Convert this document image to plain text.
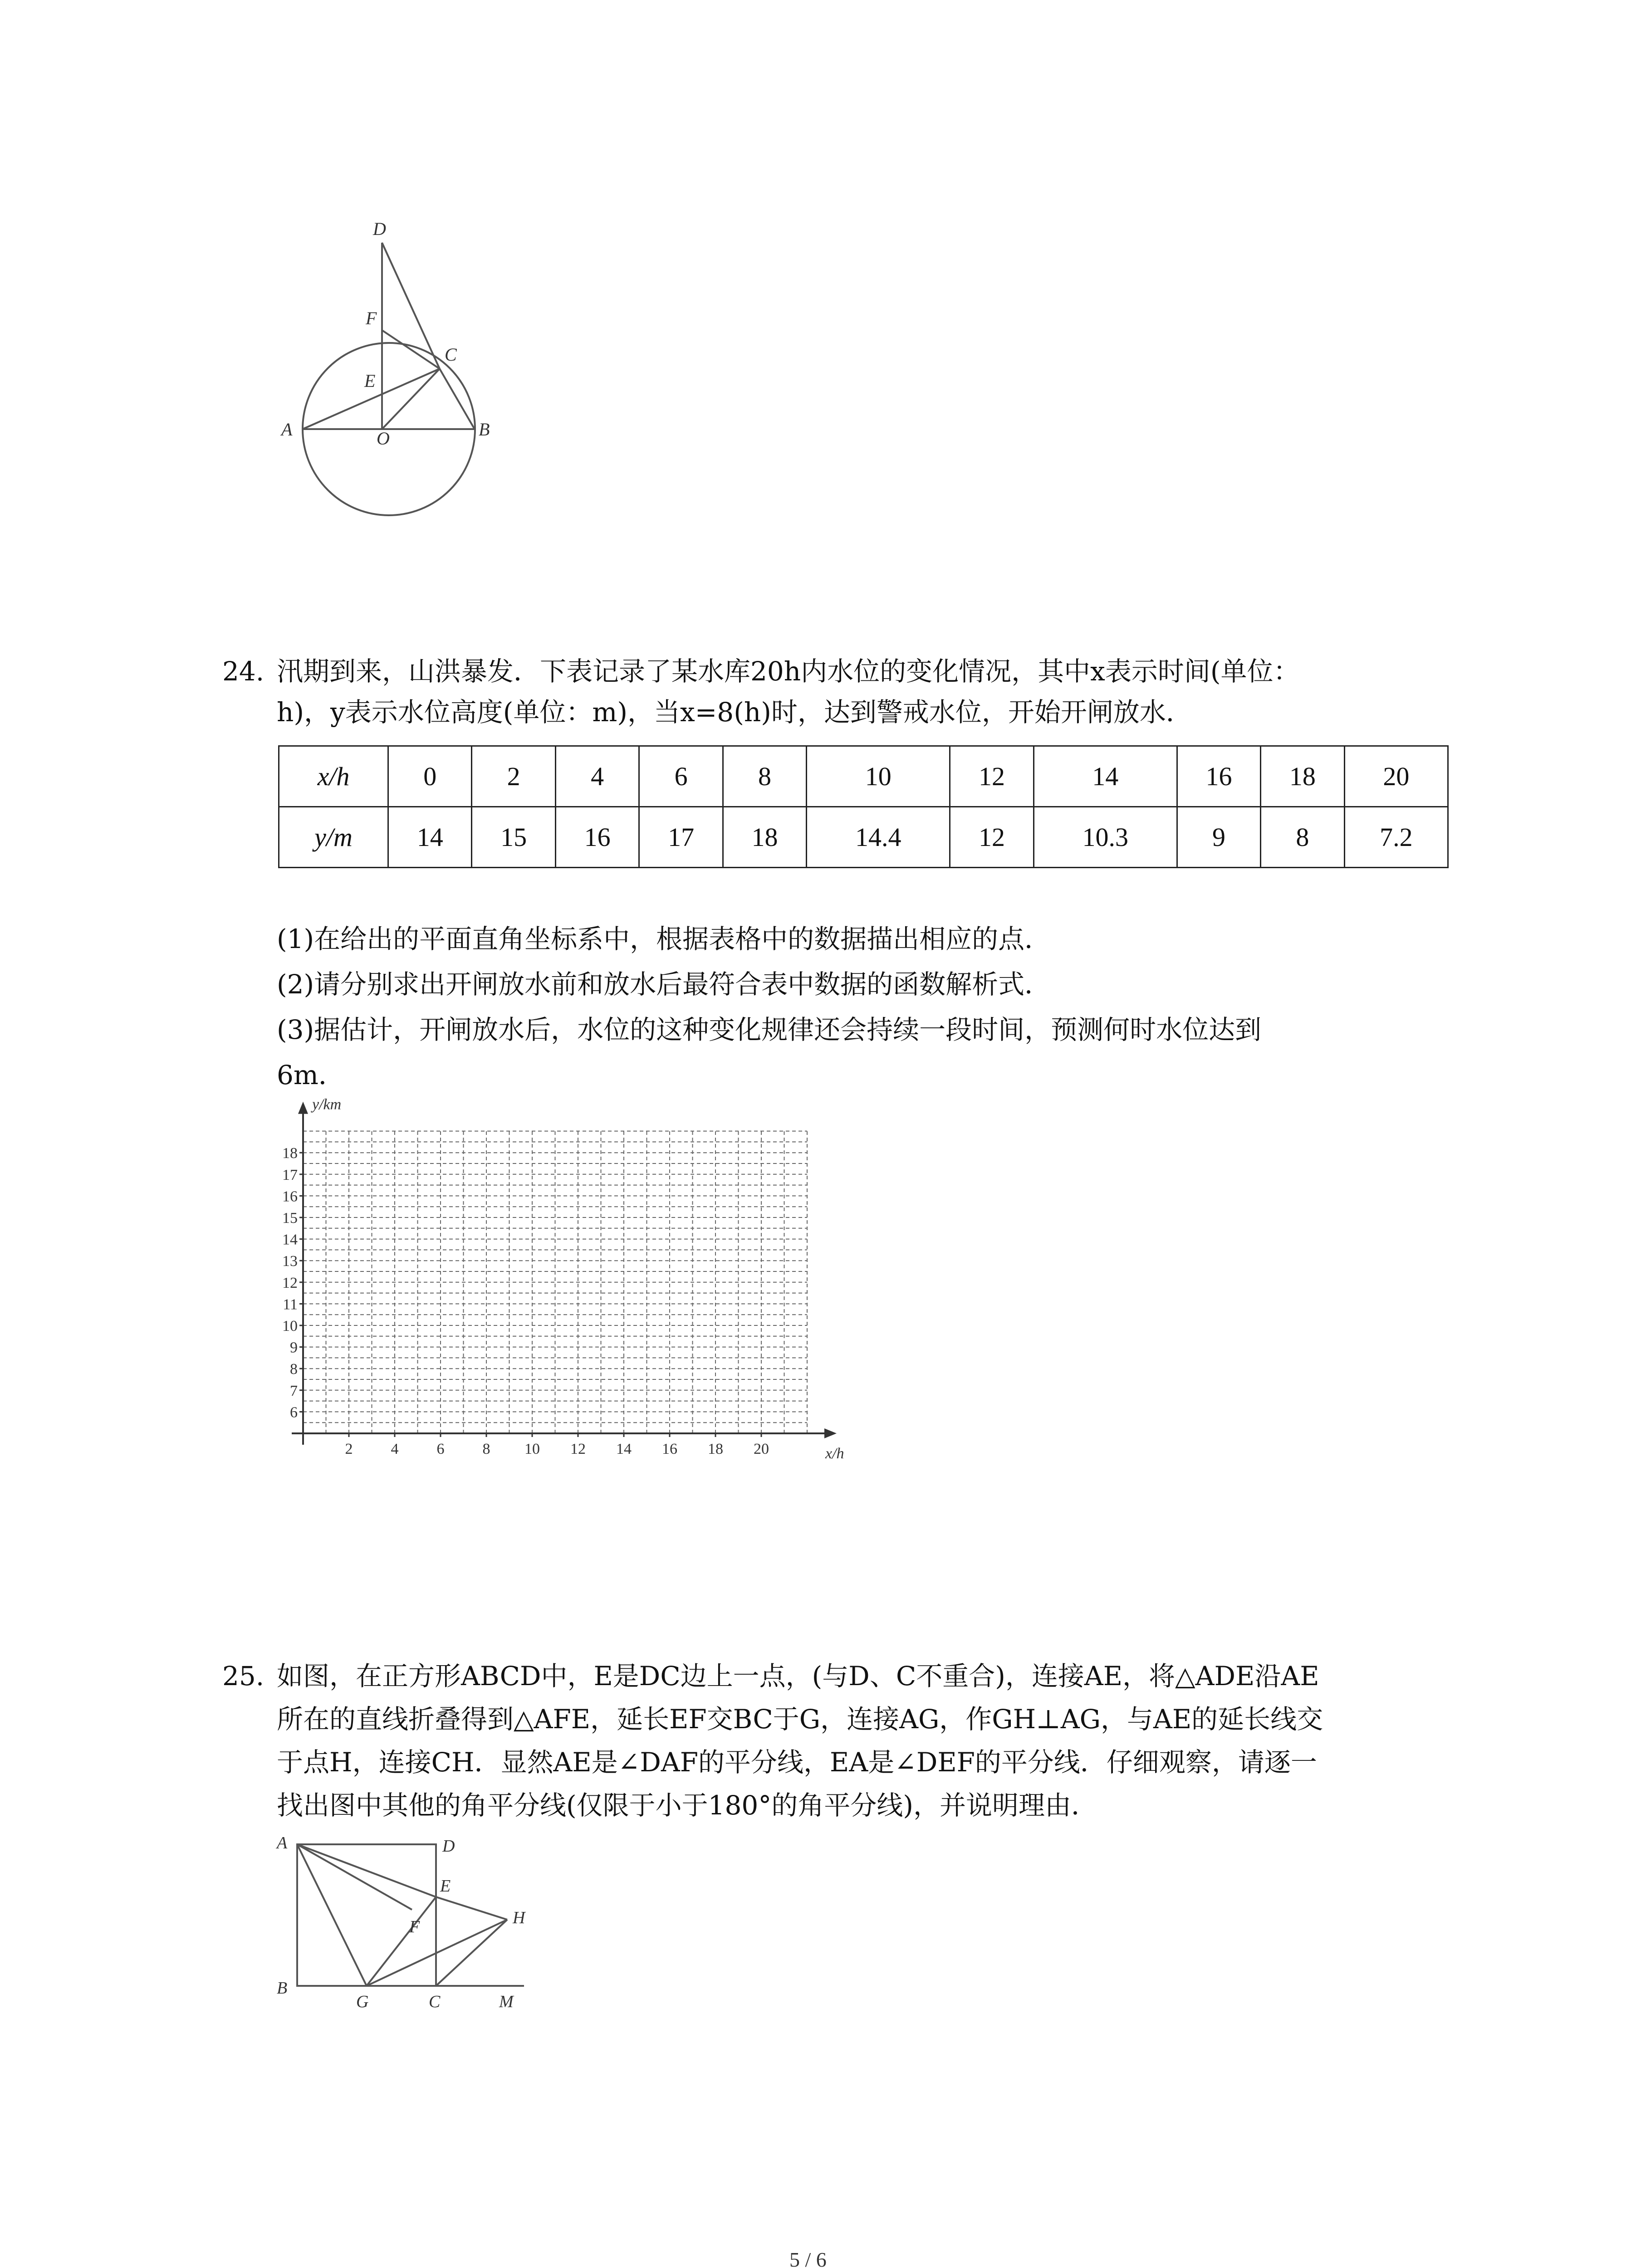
D
F
C
E
A	O	B
24. 汛期到来，山洪暴发．下表记录了某水库20h内水位的变化情况，其中x表示时间(单位：
h)，y表示水位高度(单位：m)，当x=8(h)时，达到警戒水位，开始开闸放水．
x/h	0	2	4	6	8	10	12	14	16	18	20
y/m	14	15	16	17	18	14.4	12	10.3	9	8	7.2
(1)在给出的平面直角坐标系中，根据表格中的数据描出相应的点．
(2)请分别求出开闸放水前和放水后最符合表中数据的函数解析式．
(3)据估计，开闸放水后，水位的这种变化规律还会持续一段时间，预测何时水位达到
6m．
y/km
x/h
6
7
8
9
10
11
12
13
14
15
16
17
18
2 4 6 8 10 12 14 16 18 20
25. 如图，在正方形ABCD中，E是DC边上一点，(与D、C不重合)，连接AE，将△ADE沿AE
所在的直线折叠得到△AFE，延长EF交BC于G，连接AG，作GH⊥AG，与AE的延长线交
于点H，连接CH．显然AE是∠DAF的平分线，EA是∠DEF的平分线．仔细观察，请逐一
找出图中其他的角平分线(仅限于小于180°的角平分线)，并说明理由．
A	D
E
F	H
B
G	C	M
5 / 6
